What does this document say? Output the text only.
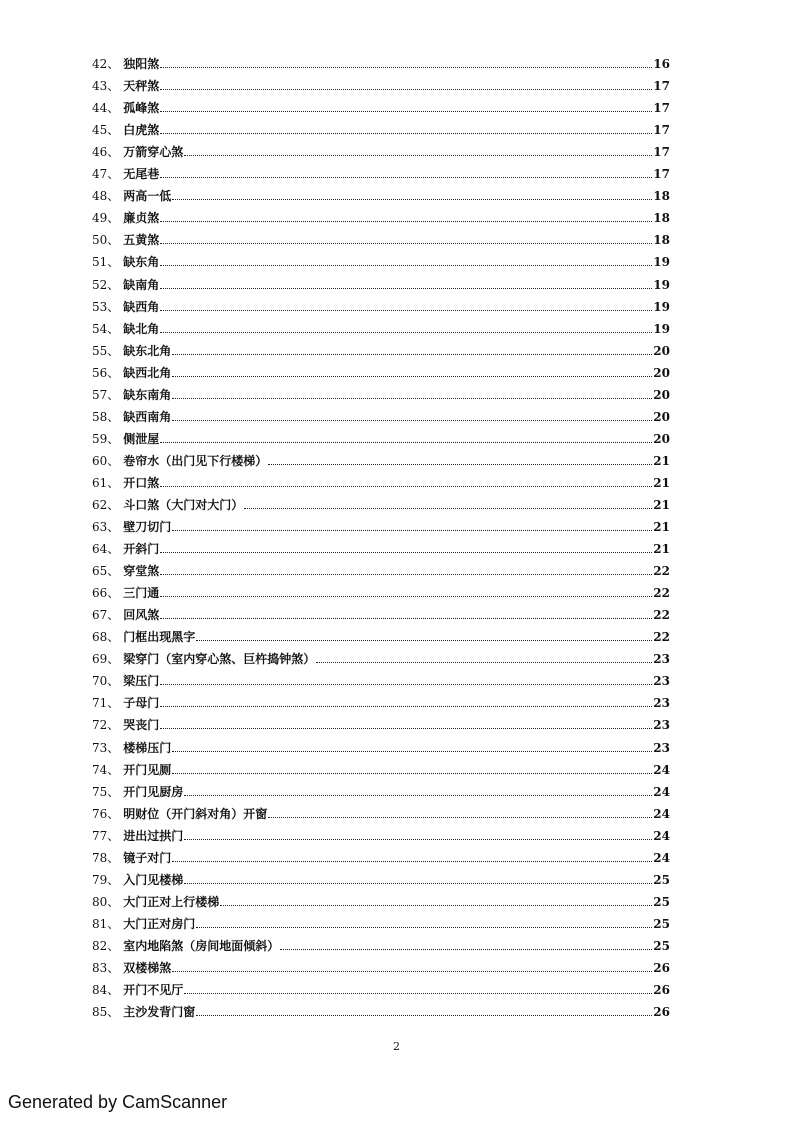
42 、 独阳煞	16
43 、 天秤煞	17
44 、 孤峰煞	17
45 、 白虎煞	17
46 、 万箭穿心煞	17
47 、 无尾巷	17
48 、 两高一低	18
49 、 廉贞煞	18
50 、 五黄煞	18
51 、 缺东角	19
52 、 缺南角	19
53 、 缺西角	19
54 、 缺北角	19
55 、 缺东北角	20
56 、 缺西北角	20
57 、 缺东南角	20
58 、 缺西南角	20
59 、 侧泄屋	20
60 、 卷帘水（出门见下行楼梯）	21
61 、 开口煞	21
62 、 斗口煞（大门对大门）	21
63 、 壁刀切门	21
64 、 开斜门	21
65 、 穿堂煞	22
66 、 三门通	22
67 、 回风煞	22
68 、 门框出现黑字	22
69 、 梁穿门（室内穿心煞、巨杵捣钟煞）	23
70 、 梁压门	23
71 、 子母门	23
72 、 哭丧门	23
73 、 楼梯压门	23
74 、 开门见厕	24
75 、 开门见厨房	24
76 、 明财位（开门斜对角）开窗	24
77 、 进出过拱门	24
78 、 镜子对门	24
79 、 入门见楼梯	25
80 、 大门正对上行楼梯	25
81 、 大门正对房门	25
82 、 室内地陷煞（房间地面倾斜）	25
83 、 双楼梯煞	26
84 、 开门不见厅	26
85 、 主沙发背门窗	26
2
Generated by CamScanner
